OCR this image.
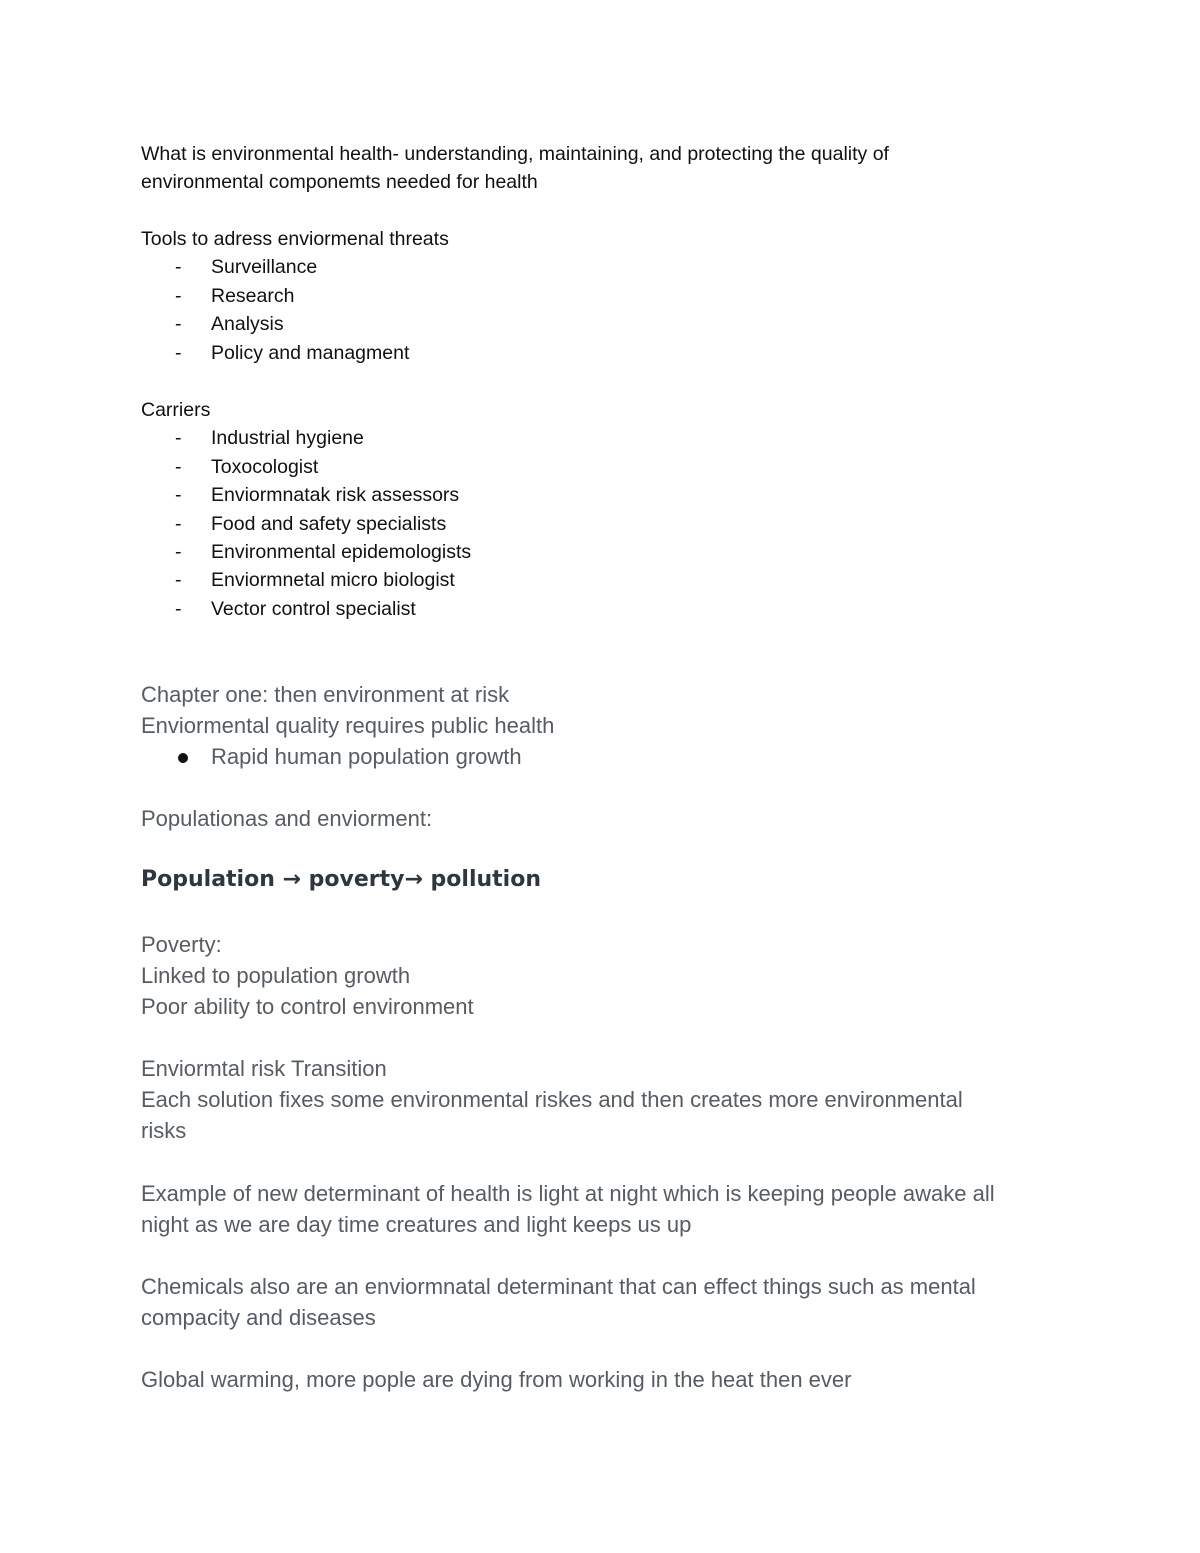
What is environmental health- understanding, maintaining, and protecting the quality of
environmental componemts needed for health
Tools to adress enviormenal threats
- Surveillance
- Research
- Analysis
- Policy and managment
Carriers
- Industrial hygiene
- Toxocologist
- Enviormnatak risk assessors
- Food and safety specialists
- Environmental epidemologists
- Enviormnetal micro biologist
- Vector control specialist
Chapter one: then environment at risk
Enviormental quality requires public health
Rapid human population growth
Populationas and enviorment:
Population → poverty→ pollution
Poverty:
Linked to population growth
Poor ability to control environment
Enviormtal risk Transition
Each solution fixes some environmental riskes and then creates more environmental
risks
Example of new determinant of health is light at night which is keeping people awake all
night as we are day time creatures and light keeps us up
Chemicals also are an enviormnatal determinant that can effect things such as mental
compacity and diseases
Global warming, more pople are dying from working in the heat then ever
